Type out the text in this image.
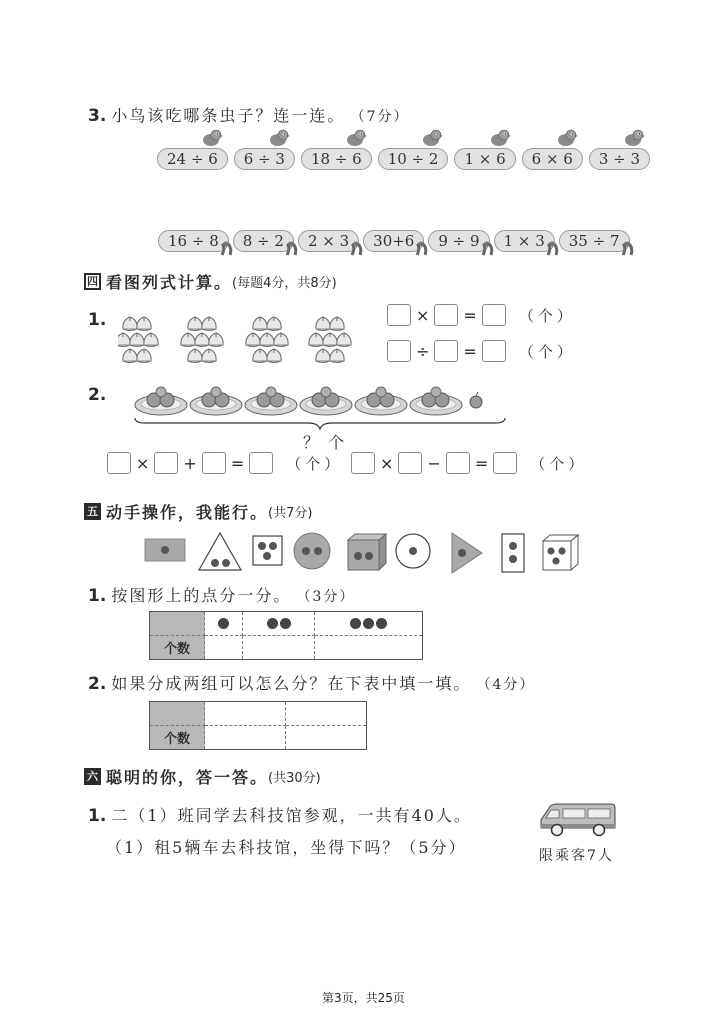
3. 小鸟该吃哪条虫子？连一连。 （7分）
24 ÷ 6	6 ÷ 3	18 ÷ 6	10 ÷ 2	1 × 6	6 × 6	3 ÷ 3
16 ÷ 8	8 ÷ 2	2 × 3	30+6	9 ÷ 9	1 × 3	35 ÷ 7
四 看图列式计算。 (每题4分，共8分)
1.	× =	（个）
÷ =	（个）
2.
？ 个
× + =	（个） × − =	（个）
五 动手操作，我能行。 (共7分)
1. 按图形上的点分一分。 （3分）

个数			
2. 如果分成两组可以怎么分？在下表中填一填。 （4分）

个数		
六 聪明的你，答一答。 (共30分)
1. 二（1）班同学去科技馆参观，一共有40人。
（1）租5辆车去科技馆，坐得下吗？（5分）	限乘客7人
第3页，共25页
